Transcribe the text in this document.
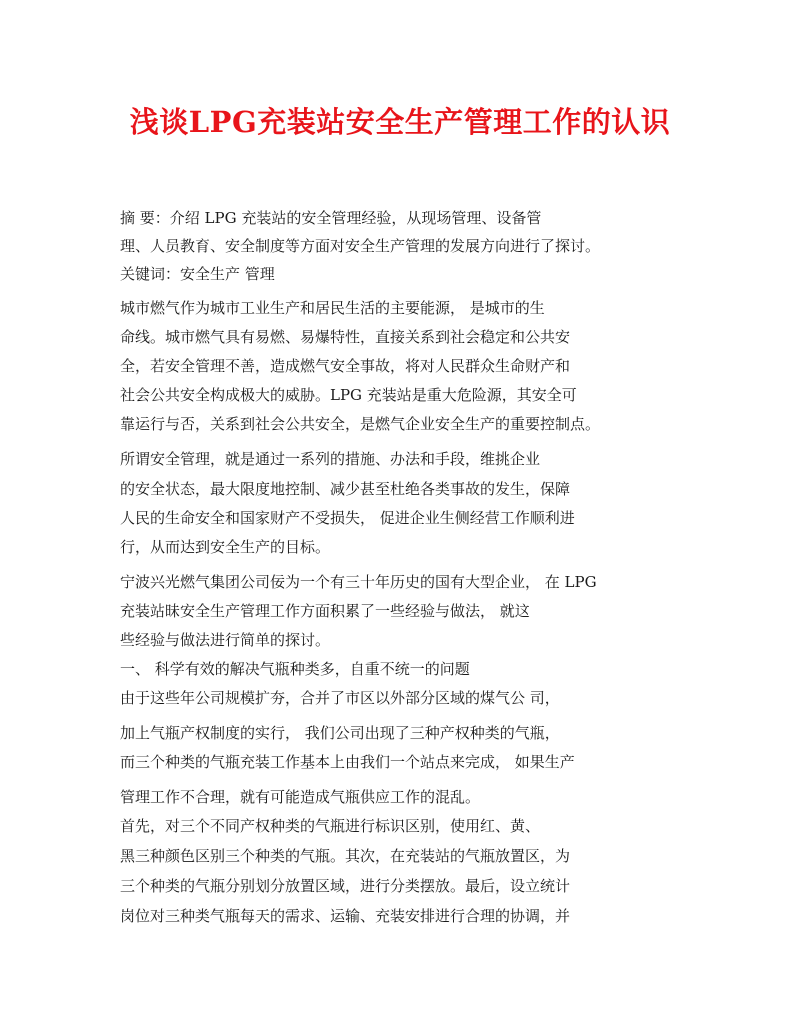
浅谈LPG充装站安全生产管理工作的认识
摘 要：介绍 LPG 充装站的安全管理经验，从现场管理、设备管
理、人员教育、安全制度等方面对安全生产管理的发展方向进行了探讨。
关键词：安全生产 管理
城市燃气作为城市工业生产和居民生活的主要能源， 是城市的生
命线。城市燃气具有易燃、易爆特性，直接关系到社会稳定和公共安
全，若安全管理不善，造成燃气安全事故，将对人民群众生命财产和
社会公共安全构成极大的威胁。LPG 充装站是重大危险源，其安全可
靠运行与否，关系到社会公共安全，是燃气企业安全生产的重要控制点。
所谓安全管理，就是通过一系列的措施、办法和手段，维挑企业
的安全状态，最大限度地控制、减少甚至杜绝各类事故的发生，保障
人民的生命安全和国家财产不受损失， 促进企业生侧经营工作顺利进
行，从而达到安全生产的目标。
宁波兴光燃气集团公司佞为一个有三十年历史的国有大型企业， 在 LPG
充装站昧安全生产管理工作方面积累了一些经验与做法， 就这
些经验与做法进行简单的探讨。
一、 科学有效的解决气瓶种类多，自重不统一的问题
由于这些年公司规模扩夯，合并了市区以外部分区域的煤气公 司，
加上气瓶产权制度的实行， 我们公司出现了三种产权种类的气瓶，
而三个种类的气瓶充装工作基本上由我们一个站点来完成， 如果生产
管理工作不合理，就有可能造成气瓶供应工作的混乱。
首先，对三个不同产权种类的气瓶进行标识区别，使用红、黄、
黑三种颜色区别三个种类的气瓶。其次，在充装站的气瓶放置区，为
三个种类的气瓶分别划分放置区域，进行分类摆放。最后，设立统计
岗位对三种类气瓶每天的需求、运输、充装安排进行合理的协调，并
